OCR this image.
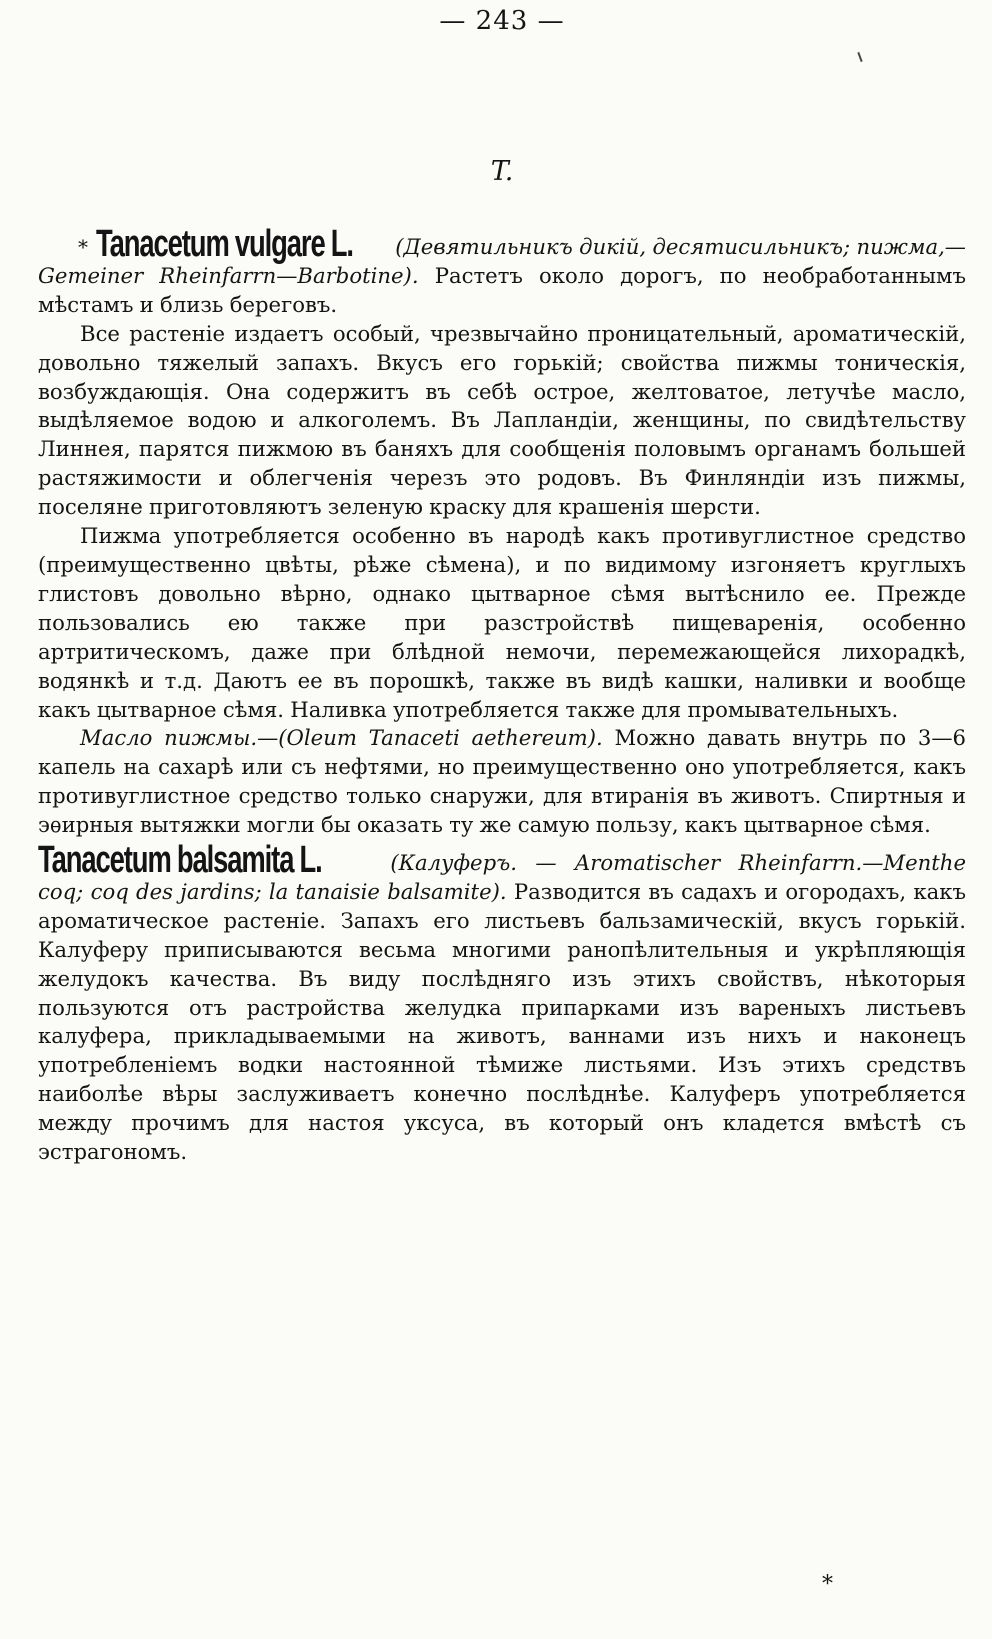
— 243 —
T.

* Tanacetum vulgare L. (Девятильникъ дикій, десятисильникъ; пижма,—Gemeiner Rheinfarrn—Barbotine). Растетъ около дорогъ, по необработаннымъ мѣстамъ и близь береговъ.

Все растеніе издаетъ особый, чрезвычайно проницательный, ароматическій, довольно тяжелый запахъ. Вкусъ его горькій; свойства пижмы тоническія, возбуждающія. Она содержитъ въ себѣ острое, желтоватое, летучѣе масло, выдѣляемое водою и алкоголемъ. Въ Лапландіи, женщины, по свидѣтельству Линнея, парятся пижмою въ баняхъ для сообщенія половымъ органамъ большей растяжимости и облегченія черезъ это родовъ. Въ Финляндіи изъ пижмы, поселяне приготовляютъ зеленую краску для крашенія шерсти.

Пижма употребляется особенно въ народѣ какъ противуглистное средство (преимущественно цвѣты, рѣже сѣмена), и по видимому изгоняетъ круглыхъ глистовъ довольно вѣрно, однако цытварное сѣмя вытѣснило ее. Прежде пользовались ею также при разстройствѣ пищеваренія, особенно артритическомъ, даже при блѣдной немочи, перемежающейся лихорадкѣ, водянкѣ и т.д. Даютъ ее въ порошкѣ, также въ видѣ кашки, наливки и вообще какъ цытварное сѣмя. Наливка употребляется также для промывательныхъ.

Масло пижмы.—(Oleum Tanaceti aethereum). Можно давать внутрь по 3—6 капель на сахарѣ или съ нефтями, но преимущественно оно употребляется, какъ противуглистное средство только снаружи, для втиранія въ животъ. Спиртныя и эѳирныя вытяжки могли бы оказать ту же самую пользу, какъ цытварное сѣмя.

Tanacetum balsamita L.	(Калуферъ. — Aromatischer Rheinfarrn.—Menthe coq; coq des jardins; la tanaisie balsamite). Разводится въ садахъ и огородахъ, какъ ароматическое растеніе. Запахъ его листьевъ бальзамическій, вкусъ горькій. Калуферу приписываются весьма многими ранопѣлительныя и укрѣпляющія желудокъ качества. Въ виду послѣдняго изъ этихъ свойствъ, нѣкоторыя пользуются отъ растройства желудка припарками изъ вареныхъ листьевъ калуфера, прикладываемыми на животъ, ваннами изъ нихъ и наконецъ употребленіемъ водки настоянной тѣмиже листьями. Изъ этихъ средствъ наиболѣе вѣры заслуживаетъ конечно послѣднѣе. Калуферъ употребляется между прочимъ для настоя уксуса, въ который онъ кладется вмѣстѣ съ эстрагономъ.

*
